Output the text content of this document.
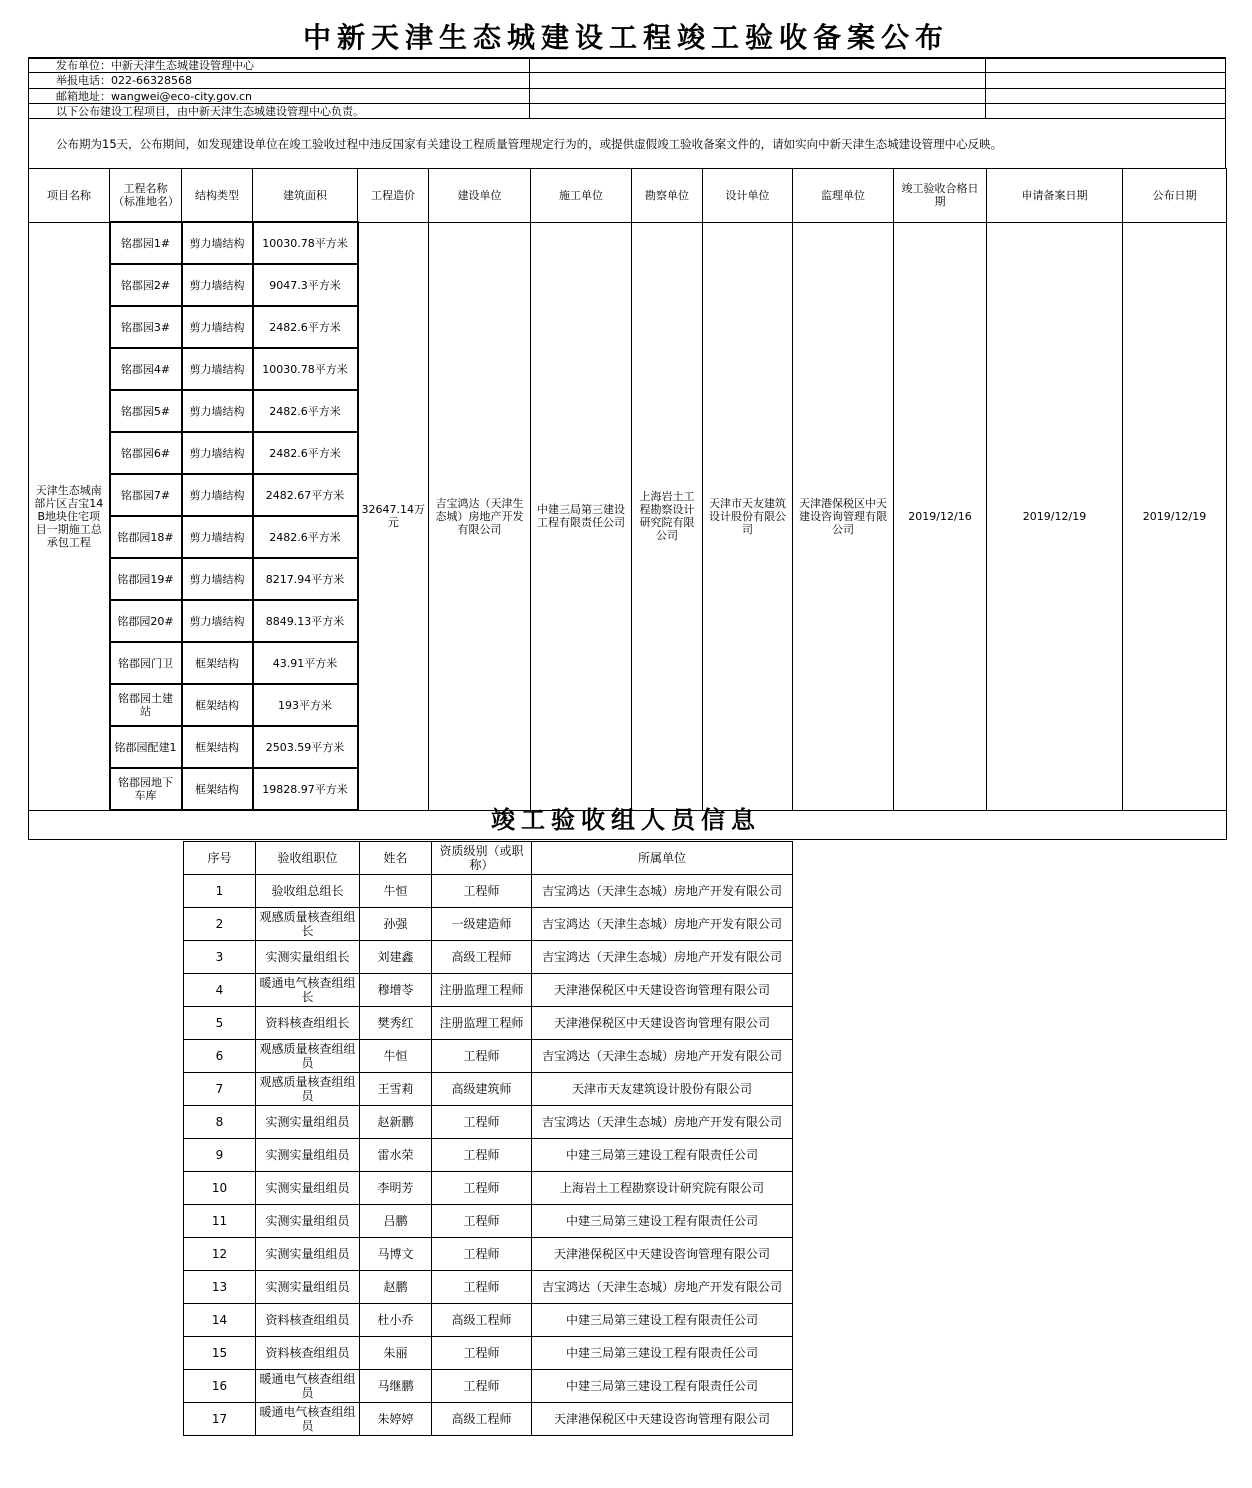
中新天津生态城建设工程竣工验收备案公布
发布单位：中新天津生态城建设管理中心
举报电话：022-66328568
邮箱地址：wangwei@eco-city.gov.cn
以下公布建设工程项目，由中新天津生态城建设管理中心负责。
公布期为15天，公布期间，如发现建设单位在竣工验收过程中违反国家有关建设工程质量管理规定行为的，或提供虚假竣工验收备案文件的，请如实向中新天津生态城建设管理中心反映。
项目名称	工程名称（标准地名）	结构类型	建筑面积	工程造价	建设单位	施工单位	勘察单位	设计单位	监理单位	竣工验收合格日期	申请备案日期	公布日期
天津生态城南部片区吉宝14B地块住宅项目一期施工总承包工程	铭郡园1#	剪力墙结构	10030.78平方米	32647.14万元	吉宝鸿达（天津生态城）房地产开发有限公司	中建三局第三建设工程有限责任公司	上海岩土工程勘察设计研究院有限公司	天津市天友建筑设计股份有限公司	天津港保税区中天建设咨询管理有限公司	2019/12/16	2019/12/19	2019/12/19
	铭郡园2#	剪力墙结构	9047.3平方米									
	铭郡园3#	剪力墙结构	2482.6平方米									
	铭郡园4#	剪力墙结构	10030.78平方米									
	铭郡园5#	剪力墙结构	2482.6平方米									
	铭郡园6#	剪力墙结构	2482.6平方米									
	铭郡园7#	剪力墙结构	2482.67平方米									
	铭郡园18#	剪力墙结构	2482.6平方米									
	铭郡园19#	剪力墙结构	8217.94平方米									
	铭郡园20#	剪力墙结构	8849.13平方米									
	铭郡园门卫	框架结构	43.91平方米									
	铭郡园土建站	框架结构	193平方米									
	铭郡园配建1	框架结构	2503.59平方米									
	铭郡园地下车库	框架结构	19828.97平方米									
竣工验收组人员信息
序号	验收组职位	姓名	资质级别（或职称）	所属单位
1	验收组总组长	牛恒	工程师	吉宝鸿达（天津生态城）房地产开发有限公司
2	观感质量核查组组长	孙强	一级建造师	吉宝鸿达（天津生态城）房地产开发有限公司
3	实测实量组组长	刘建鑫	高级工程师	吉宝鸿达（天津生态城）房地产开发有限公司
4	暖通电气核查组组长	穆增苓	注册监理工程师	天津港保税区中天建设咨询管理有限公司
5	资料核查组组长	樊秀红	注册监理工程师	天津港保税区中天建设咨询管理有限公司
6	观感质量核查组组员	牛恒	工程师	吉宝鸿达（天津生态城）房地产开发有限公司
7	观感质量核查组组员	王雪莉	高级建筑师	天津市天友建筑设计股份有限公司
8	实测实量组组员	赵新鹏	工程师	吉宝鸿达（天津生态城）房地产开发有限公司
9	实测实量组组员	雷水荣	工程师	中建三局第三建设工程有限责任公司
10	实测实量组组员	李明芳	工程师	上海岩土工程勘察设计研究院有限公司
11	实测实量组组员	吕鹏	工程师	中建三局第三建设工程有限责任公司
12	实测实量组组员	马博文	工程师	天津港保税区中天建设咨询管理有限公司
13	实测实量组组员	赵鹏	工程师	吉宝鸿达（天津生态城）房地产开发有限公司
14	资料核查组组员	杜小乔	高级工程师	中建三局第三建设工程有限责任公司
15	资料核查组组员	朱丽	工程师	中建三局第三建设工程有限责任公司
16	暖通电气核查组组员	马继鹏	工程师	中建三局第三建设工程有限责任公司
17	暖通电气核查组组员	朱婷婷	高级工程师	天津港保税区中天建设咨询管理有限公司
